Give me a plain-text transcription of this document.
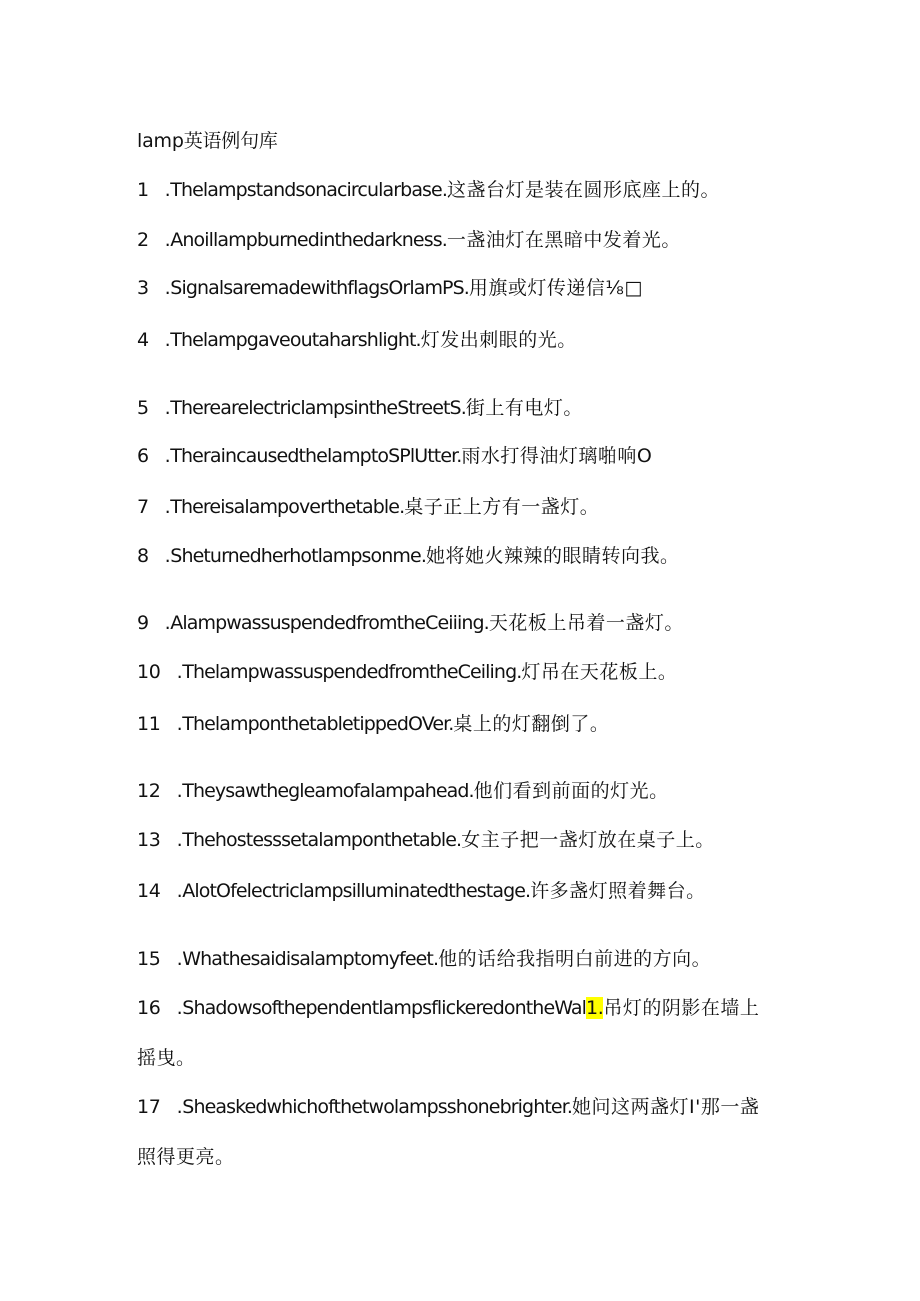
lamp英语例句库
1 .Thelampstandsonacircularbase.这盏台灯是装在圆形底座上的。
2 .Anoillampburnedinthedarkness.一盏油灯在黑暗中发着光。
3 .SignalsaremadewithflagsOrlamPS.用旗或灯传递信⅛□
4 .Thelampgaveoutaharshlight.灯发出刺眼的光。
5 .TherearelectriclampsintheStreetS.街上有电灯。
6 .TheraincausedthelamptoSPlUtter.雨水打得油灯璃啪响O
7 .Thereisalampoverthetable.桌子正上方有一盏灯。
8 .Sheturnedherhotlampsonme.她将她火辣辣的眼睛转向我。
9 .AlampwassuspendedfromtheCeiiing.天花板上吊着一盏灯。
10 .ThelampwassuspendedfromtheCeiling.灯吊在天花板上。
11 .ThelamponthetabletippedOVer.桌上的灯翻倒了。
12 .Theysawthegleamofalampahead.他们看到前面的灯光。
13 .Thehostesssetalamponthetable.女主子把一盏灯放在桌子上。
14 .AlotOfelectriclampsilluminatedthestage.许多盏灯照着舞台。
15 .Whathesaidisalamptomyfeet.他的话给我指明白前进的方向。
16 .ShadowsofthependentlampsflickeredontheWal1.吊灯的阴影在墙上
摇曳。
17 .Sheaskedwhichofthetwolampsshonebrighter.她问这两盏灯I'那一盏
照得更亮。
